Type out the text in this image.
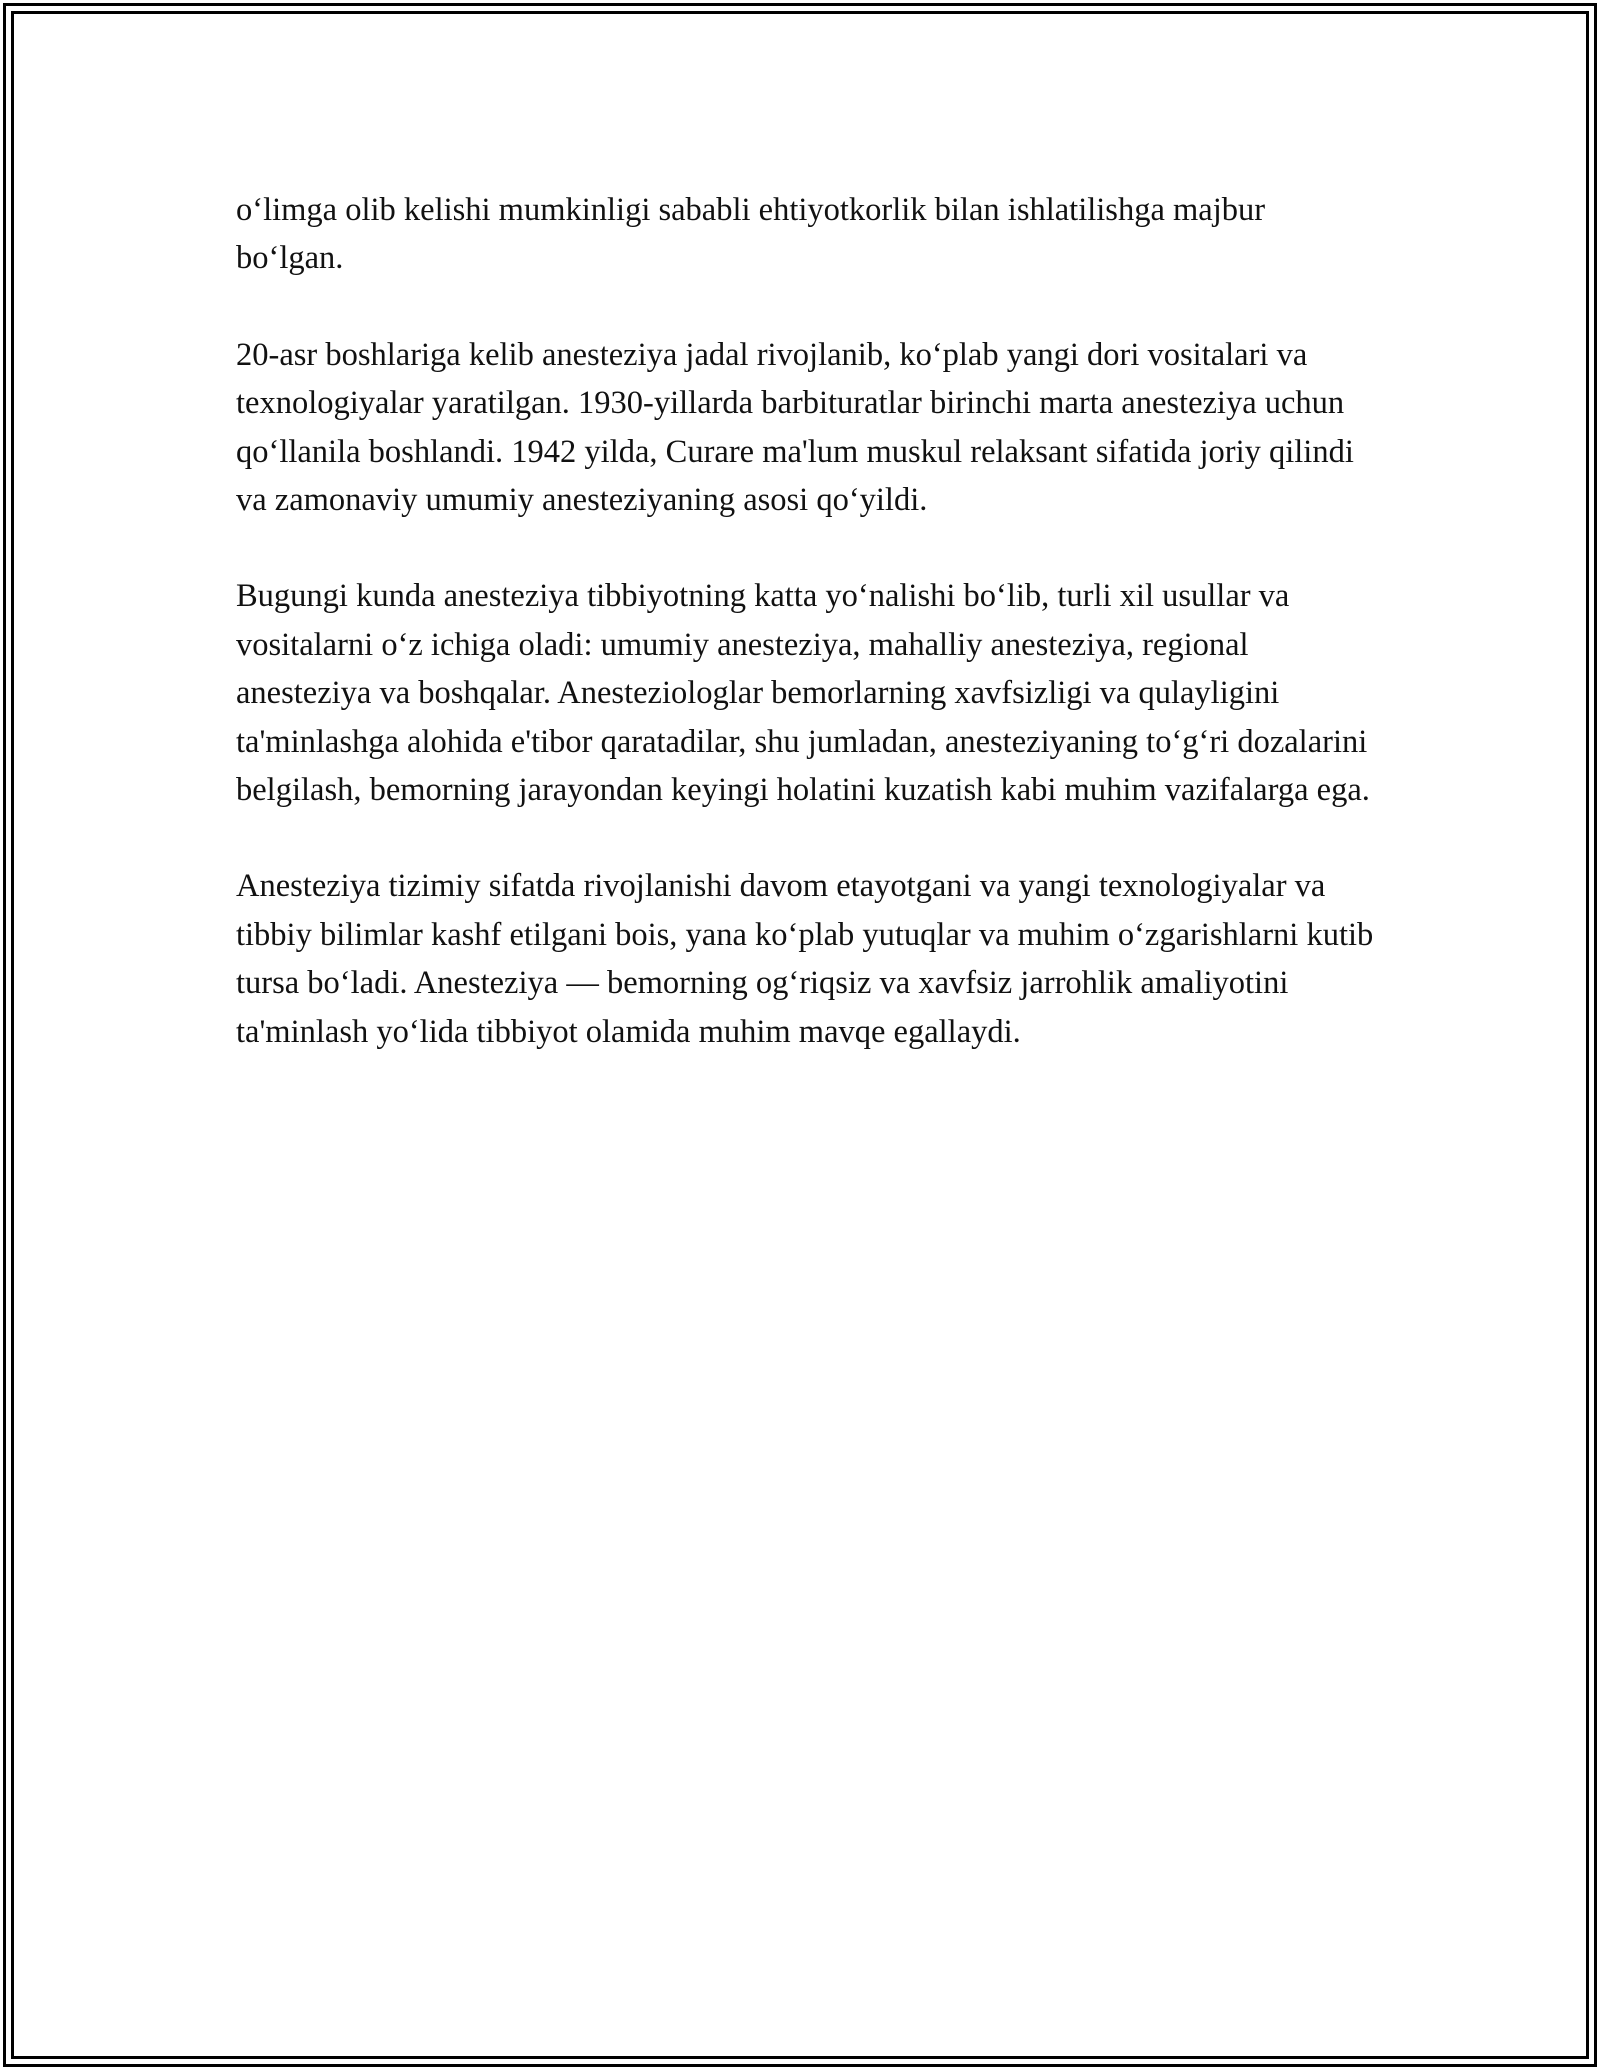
oʻlimga olib kelishi mumkinligi sababli ehtiyotkorlik bilan ishlatilishga majbur boʻlgan.

20-asr boshlariga kelib anesteziya jadal rivojlanib, koʻplab yangi dori vositalari va texnologiyalar yaratilgan. 1930-yillarda barbituratlar birinchi marta anesteziya uchun qoʻllanila boshlandi. 1942 yilda, Curare ma'lum muskul relaksant sifatida joriy qilindi va zamonaviy umumiy anesteziyaning asosi qoʻyildi.

Bugungi kunda anesteziya tibbiyotning katta yoʻnalishi boʻlib, turli xil usullar va vositalarni oʻz ichiga oladi: umumiy anesteziya, mahalliy anesteziya, regional anesteziya va boshqalar. Anesteziologlar bemorlarning xavfsizligi va qulayligini ta'minlashga alohida e'tibor qaratadilar, shu jumladan, anesteziyaning toʻgʻri dozalarini belgilash, bemorning jarayondan keyingi holatini kuzatish kabi muhim vazifalarga ega.

Anesteziya tizimiy sifatda rivojlanishi davom etayotgani va yangi texnologiyalar va tibbiy bilimlar kashf etilgani bois, yana koʻplab yutuqlar va muhim oʻzgarishlarni kutib tursa boʻladi. Anesteziya — bemorning ogʻriqsiz va xavfsiz jarrohlik amaliyotini ta'minlash yoʻlida tibbiyot olamida muhim mavqe egallaydi.
